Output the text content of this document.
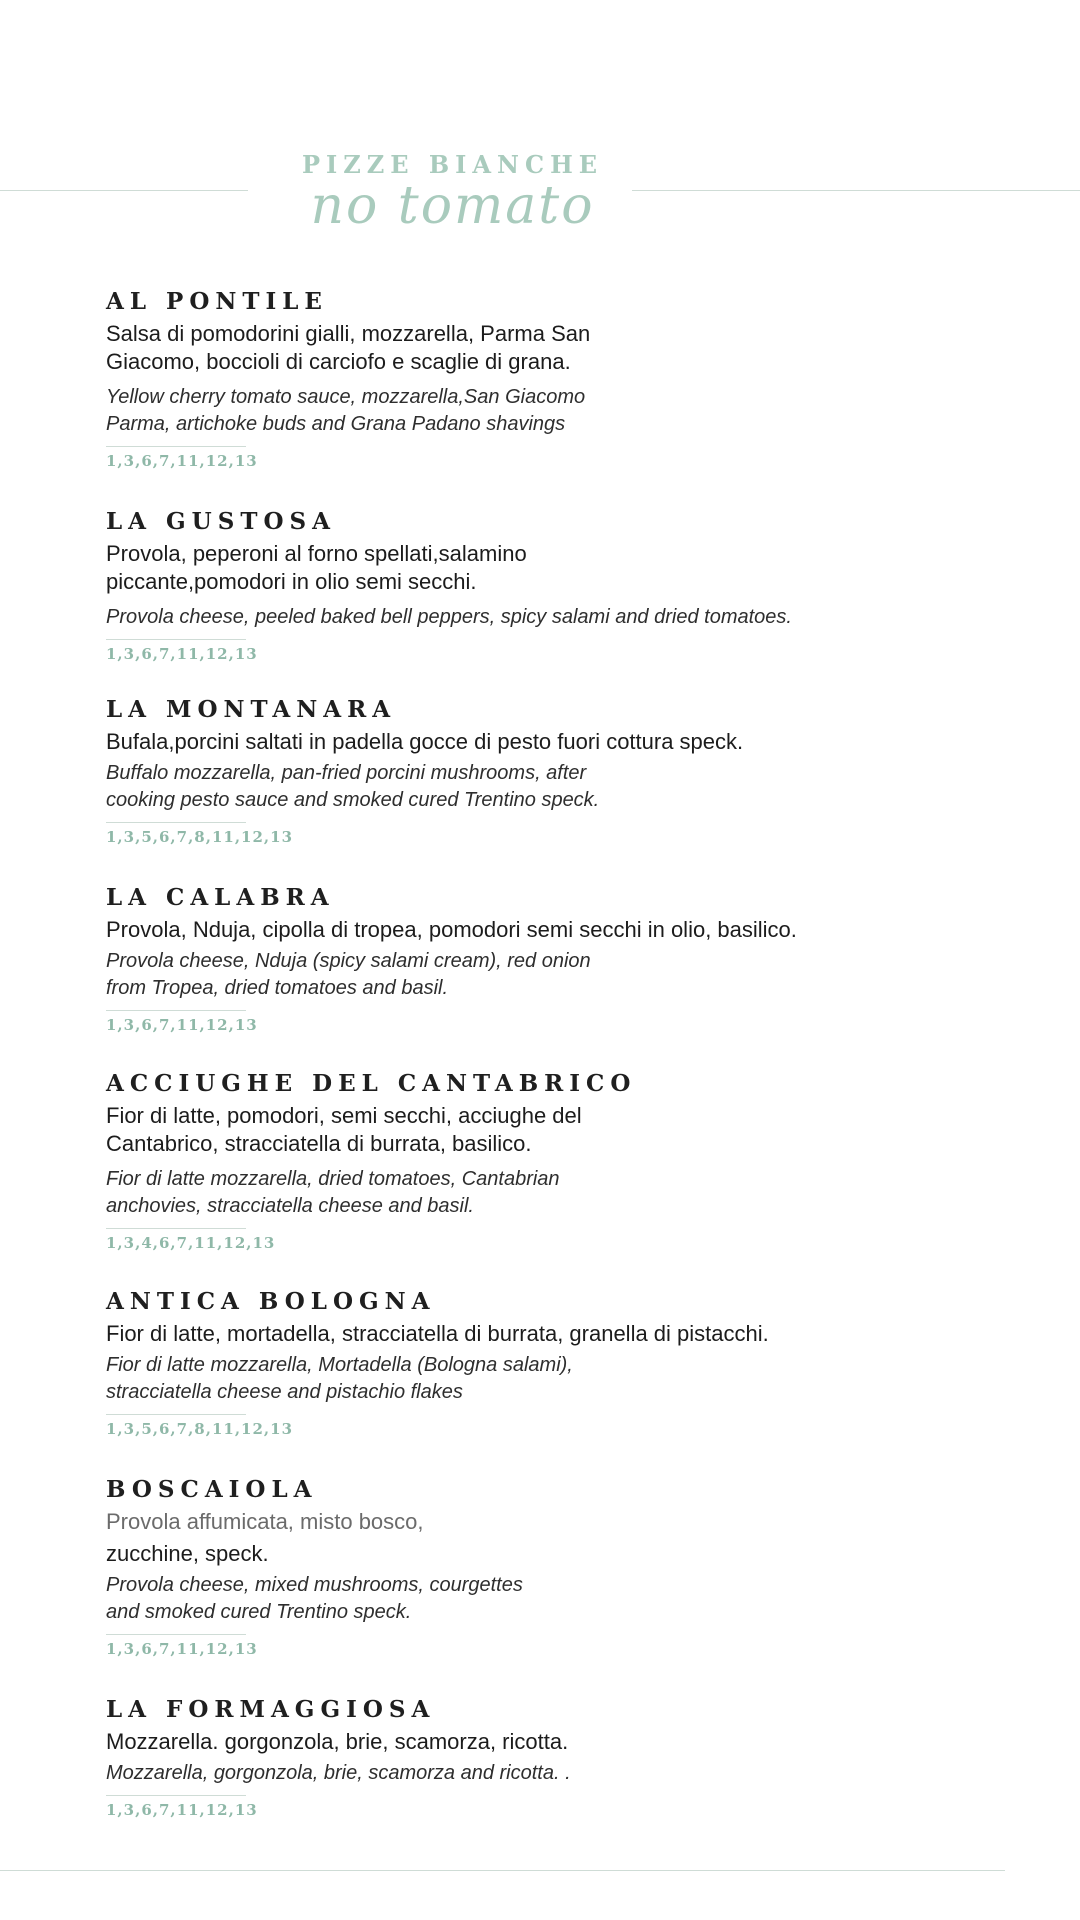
PIZZE BIANCHE
no tomato
AL PONTILE
Salsa di pomodorini gialli, mozzarella, Parma San
Giacomo, boccioli di carciofo e scaglie di grana.
Yellow cherry tomato sauce, mozzarella,San Giacomo
Parma, artichoke buds and Grana Padano shavings
1,3,6,7,11,12,13
LA GUSTOSA
Provola, peperoni al forno spellati,salamino
piccante,pomodori in olio semi secchi.
Provola cheese, peeled baked bell peppers, spicy salami and dried tomatoes.
1,3,6,7,11,12,13
LA MONTANARA
Bufala,porcini saltati in padella gocce di pesto fuori cottura speck.
Buffalo mozzarella, pan-fried porcini mushrooms, after
cooking pesto sauce and smoked cured Trentino speck.
1,3,5,6,7,8,11,12,13
LA CALABRA
Provola, Nduja, cipolla di tropea, pomodori semi secchi in olio, basilico.
Provola cheese, Nduja (spicy salami cream), red onion
from Tropea, dried tomatoes and basil.
1,3,6,7,11,12,13
ACCIUGHE DEL CANTABRICO
Fior di latte, pomodori, semi secchi, acciughe del
Cantabrico, stracciatella di burrata, basilico.
Fior di latte mozzarella, dried tomatoes, Cantabrian
anchovies, stracciatella cheese and basil.
1,3,4,6,7,11,12,13
ANTICA BOLOGNA
Fior di latte, mortadella, stracciatella di burrata, granella di pistacchi.
Fior di latte mozzarella, Mortadella (Bologna salami),
stracciatella cheese and pistachio flakes
1,3,5,6,7,8,11,12,13
BOSCAIOLA
Provola affumicata, misto bosco,
zucchine, speck.
Provola cheese, mixed mushrooms, courgettes
and smoked cured Trentino speck.
1,3,6,7,11,12,13
LA FORMAGGIOSA
Mozzarella. gorgonzola, brie, scamorza, ricotta.
Mozzarella, gorgonzola, brie, scamorza and ricotta. .
1,3,6,7,11,12,13
